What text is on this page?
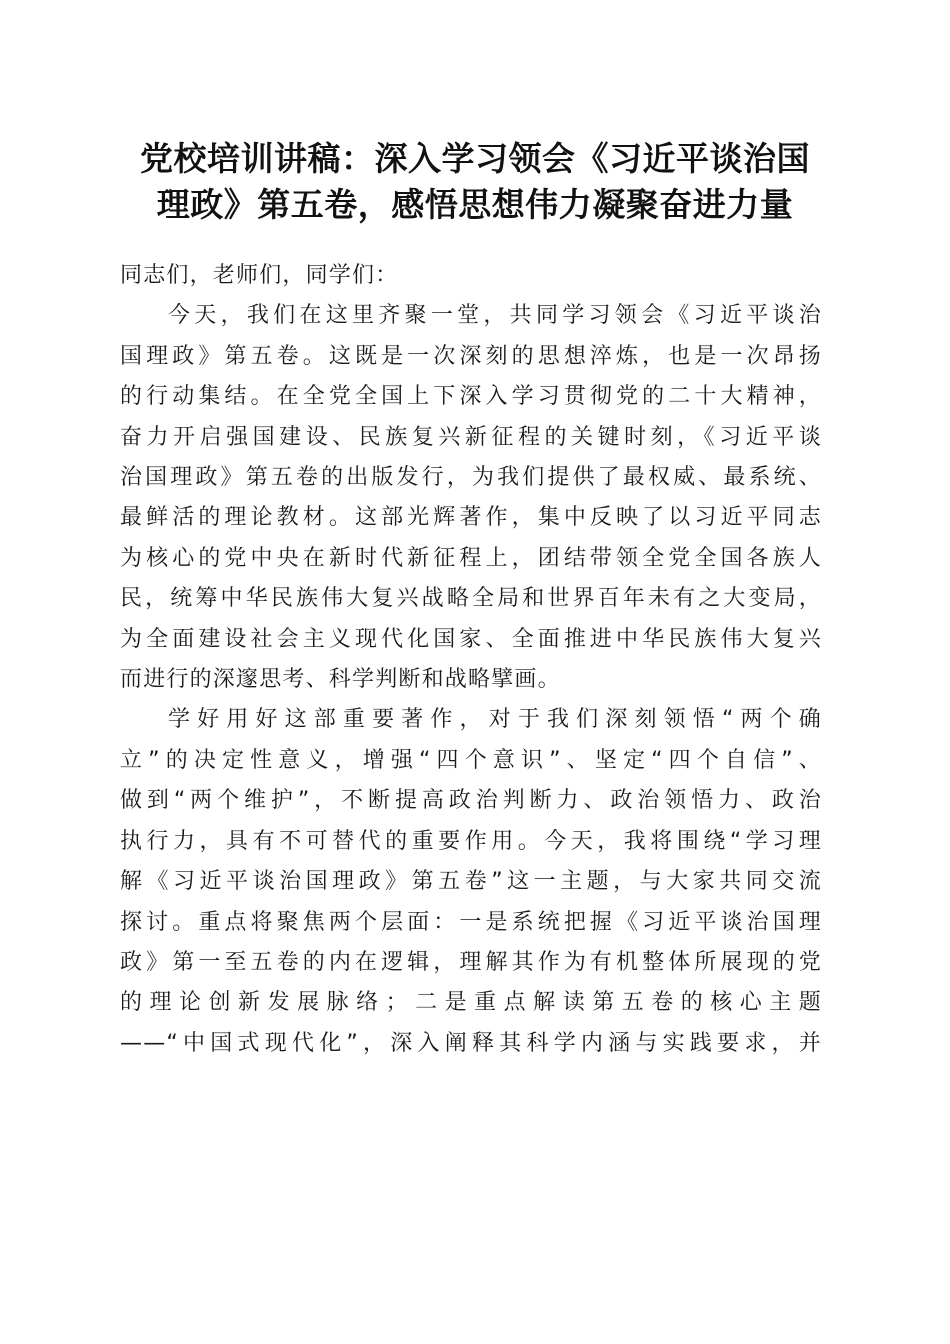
党校培训讲稿：深入学习领会《习近平谈治国
理政》第五卷，感悟思想伟力凝聚奋进力量
同志们，老师们，同学们：
今天，我们在这里齐聚一堂，共同学习领会《习近平谈治
国理政》第五卷。这既是一次深刻的思想淬炼，也是一次昂扬
的行动集结。在全党全国上下深入学习贯彻党的二十大精神，
奋力开启强国建设、民族复兴新征程的关键时刻，《习近平谈
治国理政》第五卷的出版发行，为我们提供了最权威、最系统、
最鲜活的理论教材。这部光辉著作，集中反映了以习近平同志
为核心的党中央在新时代新征程上，团结带领全党全国各族人
民，统筹中华民族伟大复兴战略全局和世界百年未有之大变局，
为全面建设社会主义现代化国家、全面推进中华民族伟大复兴
而进行的深邃思考、科学判断和战略擘画。
学好用好这部重要著作，对于我们深刻领悟“两个确
立”的决定性意义，增强“四个意识”、坚定“四个自信”、
做到“两个维护”，不断提高政治判断力、政治领悟力、政治
执行力，具有不可替代的重要作用。今天，我将围绕“学习理
解《习近平谈治国理政》第五卷”这一主题，与大家共同交流
探讨。重点将聚焦两个层面：一是系统把握《习近平谈治国理
政》第一至五卷的内在逻辑，理解其作为有机整体所展现的党
的理论创新发展脉络；二是重点解读第五卷的核心主题
——“中国式现代化”，深入阐释其科学内涵与实践要求，并
